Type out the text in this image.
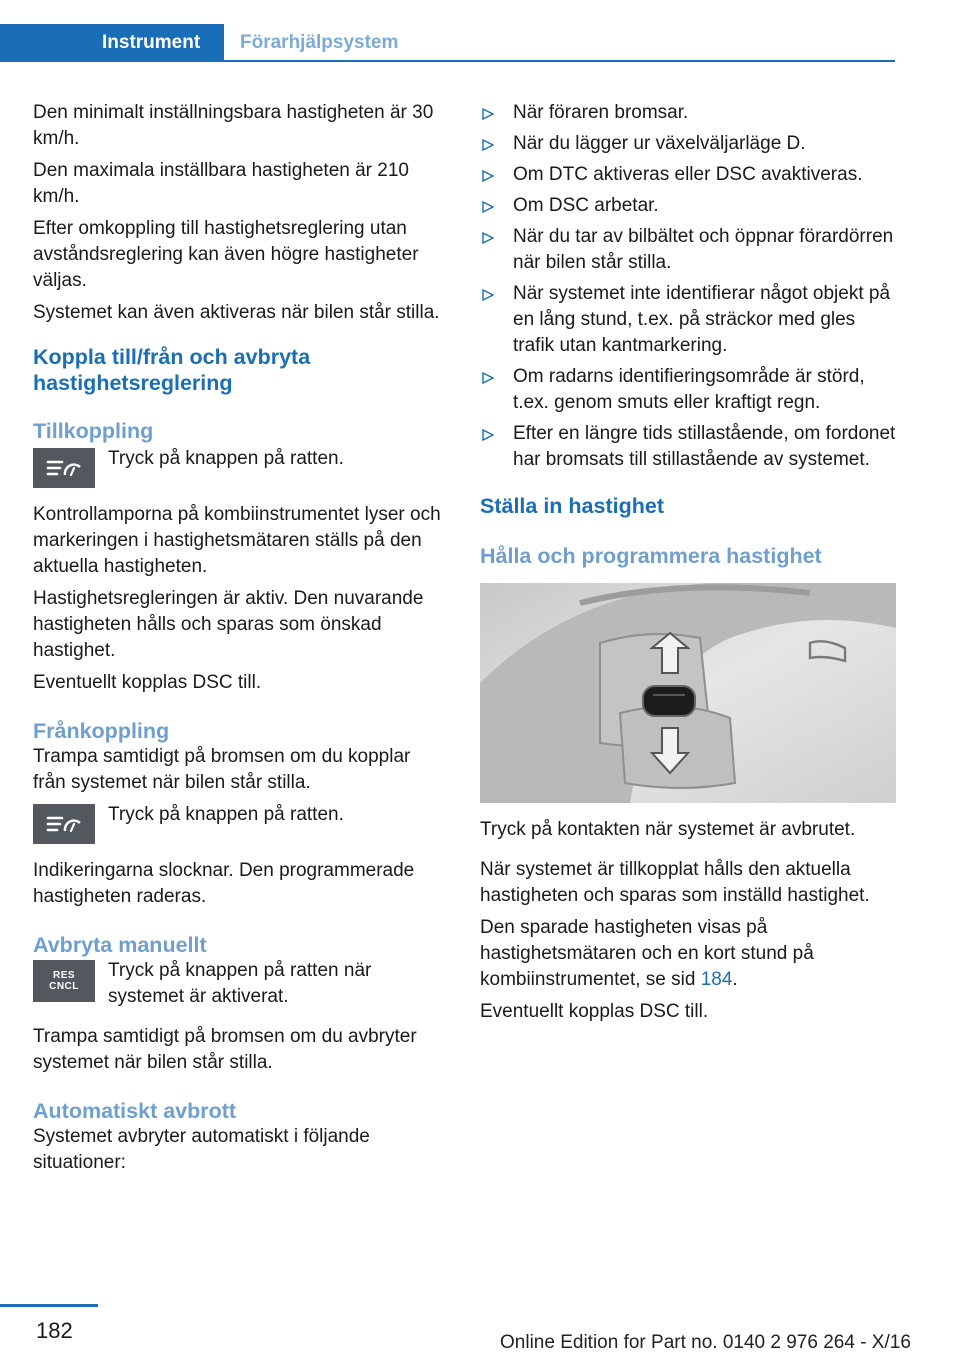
Instrument	Förarhjälpsystem

Den minimalt inställningsbara hastigheten är 30 km/h.

Den maximala inställbara hastigheten är 210 km/h.

Efter omkoppling till hastighetsreglering utan avståndsreglering kan även högre hastigheter väljas.

Systemet kan även aktiveras när bilen står stilla.

Koppla till/från och avbryta hastighetsreglering
Tillkoppling

Tryck på knappen på ratten.

Kontrollamporna på kombiinstrumentet lyser och markeringen i hastighetsmätaren ställs på den aktuella hastigheten.

Hastighetsregleringen är aktiv. Den nuvarande hastigheten hålls och sparas som önskad hastighet.

Eventuellt kopplas DSC till.

Frånkoppling

Trampa samtidigt på bromsen om du kopplar från systemet när bilen står stilla.

Tryck på knappen på ratten.

Indikeringarna slocknar. Den programmerade hastigheten raderas.

Avbryta manuellt
RES
CNCL

Tryck på knappen på ratten när systemet är aktiverat.

Trampa samtidigt på bromsen om du avbryter systemet när bilen står stilla.

Automatiskt avbrott

Systemet avbryter automatiskt i följande situationer:

När föraren bromsar.
När du lägger ur växelväljarläge D.
Om DTC aktiveras eller DSC avaktiveras.
Om DSC arbetar.
När du tar av bilbältet och öppnar förardörren när bilen står stilla.
När systemet inte identifierar något objekt på en lång stund, t.ex. på sträckor med gles trafik utan kantmarkering.
Om radarns identifieringsområde är störd, t.ex. genom smuts eller kraftigt regn.
Efter en längre tids stillastående, om fordonet har bromsats till stillastående av systemet.
Ställa in hastighet
Hålla och programmera hastighet

Tryck på kontakten när systemet är avbrutet.

När systemet är tillkopplat hålls den aktuella hastigheten och sparas som inställd hastighet.

Den sparade hastigheten visas på hastighetsmätaren och en kort stund på kombiinstrumentet, se sid 184.

Eventuellt kopplas DSC till.

182	Online Edition for Part no. 0140 2 976 264 - X/16
